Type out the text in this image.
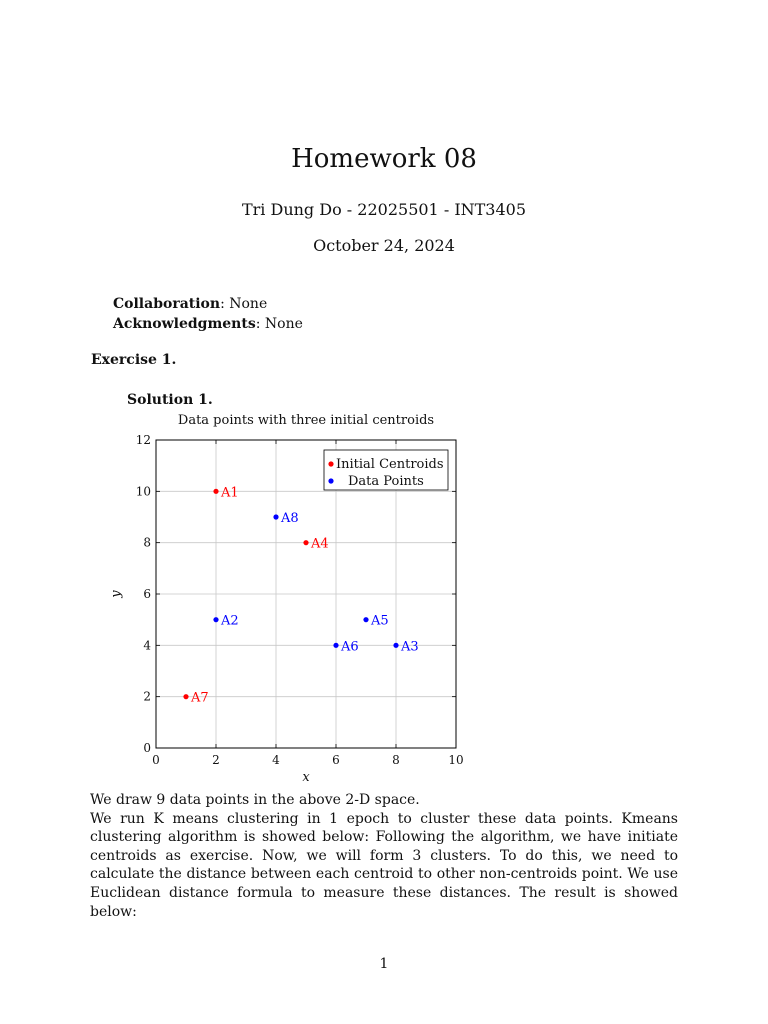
Homework 08
Tri Dung Do - 22025501 - INT3405
October 24, 2024
Collaboration: None
Acknowledgments: None
Exercise 1.
Solution 1.
Data points with three initial centroids
0	2	4	6	8	10
0
2
4
6
8
10
12
x
y
A1
A4
A7
A8
A2	A5
A6	A3
Initial Centroids
Data Points

We draw 9 data points in the above 2-D space.

We run K means clustering in 1 epoch to cluster these data points. Kmeans clustering algorithm is showed below: Following the algorithm, we have initiate centroids as exercise. Now, we will form 3 clusters. To do this, we need to calculate the distance between each centroid to other non-centroids point. We use Euclidean distance formula to measure these distances. The result is showed below:

1
